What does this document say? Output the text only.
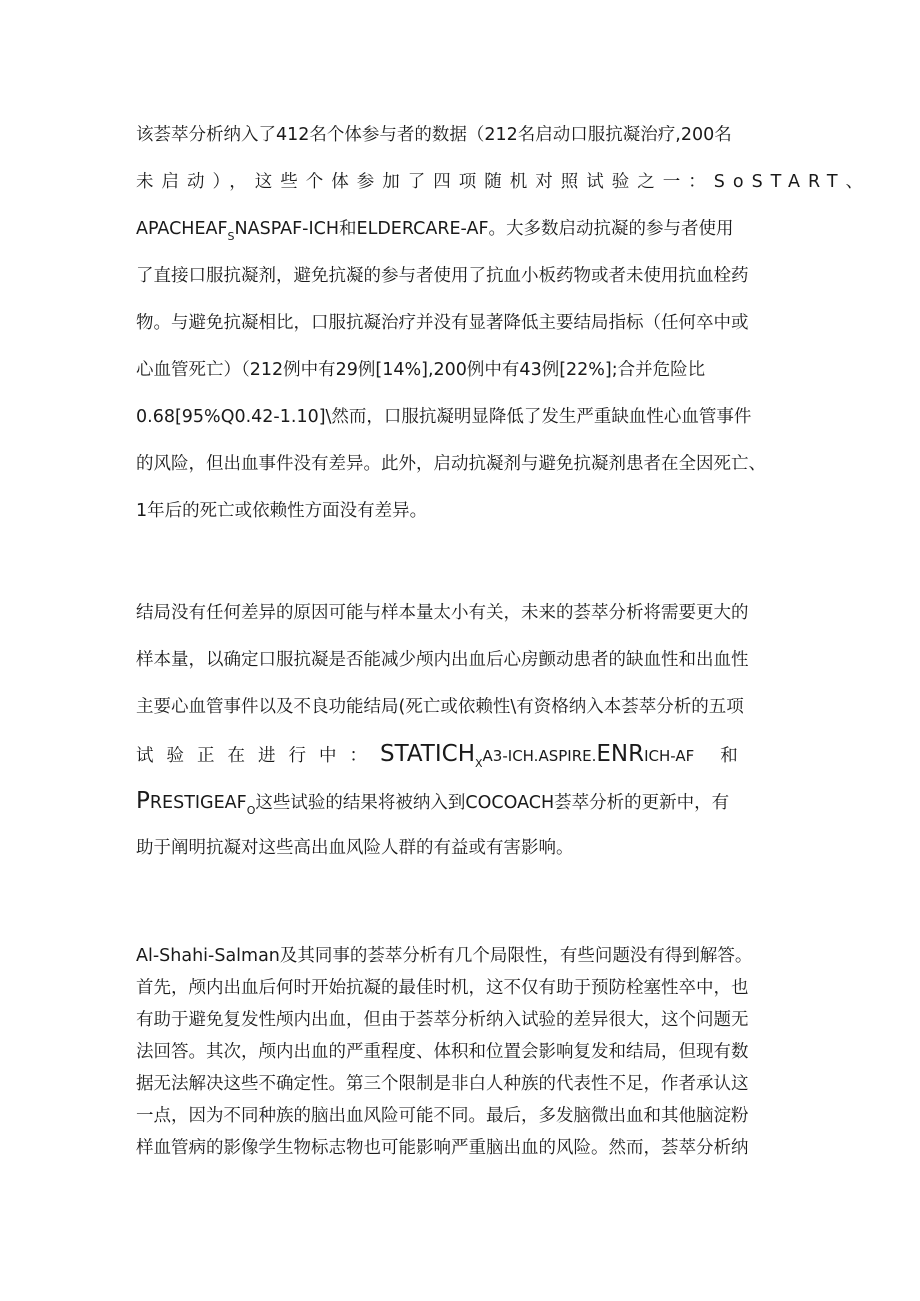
该荟萃分析纳入了412名个体参与者的数据（212名启动口服抗凝治疗,200名
未启动），这些个体参加了四项随机对照试验之一：SoSTART、
$APACHEAF_SNASPAF$-ICH和ELDERCARE-AF。大多数启动抗凝的参与者使用
了直接口服抗凝剂，避免抗凝的参与者使用了抗血小板药物或者未使用抗血栓药
物。与避免抗凝相比，口服抗凝治疗并没有显著降低主要结局指标（任何卒中或
心血管死亡）（212例中有29例[14%],200例中有43例[22%];合并危险比
0.68[95%Q0.42-1.10]\然而，口服抗凝明显降低了发生严重缺血性心血管事件
的风险，但出血事件没有差异。此外，启动抗凝剂与避免抗凝剂患者在全因死亡、
1年后的死亡或依赖性方面没有差异。
结局没有任何差异的原因可能与样本量太小有关，未来的荟萃分析将需要更大的
样本量，以确定口服抗凝是否能减少颅内出血后心房颤动患者的缺血性和出血性
主要心血管事件以及不良功能结局(死亡或依赖性\有资格纳入本荟萃分析的五项
试验正在进行中：$STATICH_XA3-ICH.ASPIRE.ENRICH-AF$ 和
$PRESTIGEAF_O$这些试验的结果将被纳入到COCOACH荟萃分析的更新中，有
助于阐明抗凝对这些高出血风险人群的有益或有害影响。
Al-Shahi-Salman及其同事的荟萃分析有几个局限性，有些问题没有得到解答。
首先，颅内出血后何时开始抗凝的最佳时机，这不仅有助于预防栓塞性卒中，也
有助于避免复发性颅内出血，但由于荟萃分析纳入试验的差异很大，这个问题无
法回答。其次，颅内出血的严重程度、体积和位置会影响复发和结局，但现有数
据无法解决这些不确定性。第三个限制是非白人种族的代表性不足，作者承认这
一点，因为不同种族的脑出血风险可能不同。最后，多发脑微出血和其他脑淀粉
样血管病的影像学生物标志物也可能影响严重脑出血的风险。然而，荟萃分析纳
